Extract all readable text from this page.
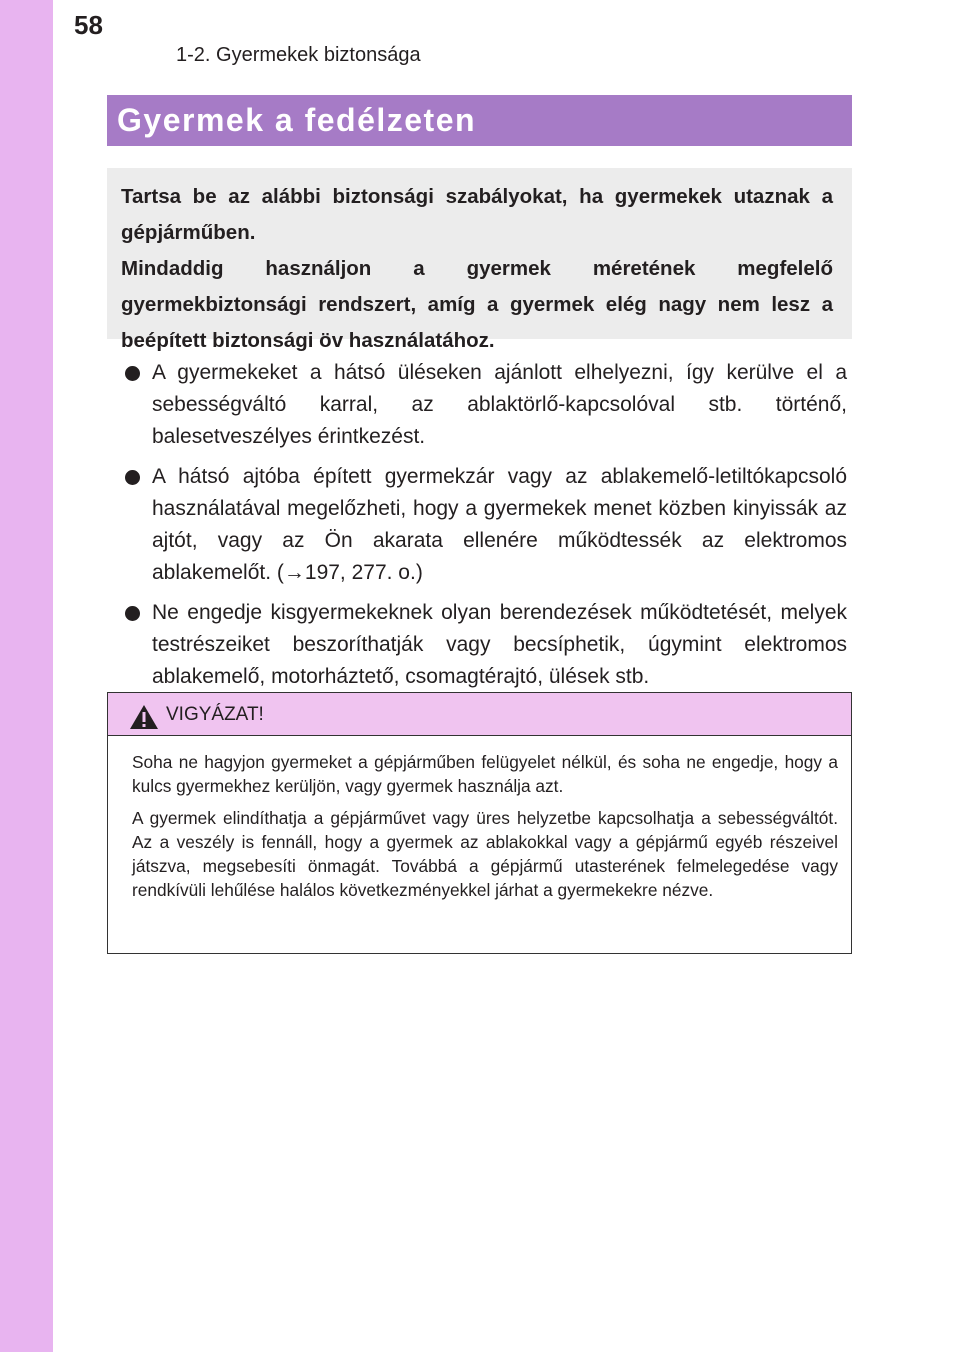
58
1-2. Gyermekek biztonsága
Gyermek a fedélzeten

Tartsa be az alábbi biztonsági szabályokat, ha gyermekek utaznak a gépjárműben.

Mindaddig használjon a gyermek méretének megfelelő gyermekbiztonsági rendszert, amíg a gyermek elég nagy nem lesz a beépített biztonsági öv használatához.

A gyermekeket a hátsó üléseken ajánlott elhelyezni, így kerülve el a sebességváltó karral, az ablaktörlő-kapcsolóval stb. történő, balesetveszélyes érintkezést.
A hátsó ajtóba épített gyermekzár vagy az ablakemelő-letiltókapcsoló használatával megelőzheti, hogy a gyermekek menet közben kinyissák az ajtót, vagy az Ön akarata ellenére működtessék az elektromos ablakemelőt. (→197, 277. o.)
Ne engedje kisgyermekeknek olyan berendezések működtetését, melyek testrészeiket beszoríthatják vagy becsíphetik, úgymint elektromos ablakemelő, motorháztető, csomagtérajtó, ülések stb.
VIGYÁZAT!

Soha ne hagyjon gyermeket a gépjárműben felügyelet nélkül, és soha ne engedje, hogy a kulcs gyermekhez kerüljön, vagy gyermek használja azt.

A gyermek elindíthatja a gépjárművet vagy üres helyzetbe kapcsolhatja a sebességváltót. Az a veszély is fennáll, hogy a gyermek az ablakokkal vagy a gépjármű egyéb részeivel játszva, megsebesíti önmagát. Továbbá a gépjármű utasterének felmelegedése vagy rendkívüli lehűlése halálos következményekkel járhat a gyermekekre nézve.
